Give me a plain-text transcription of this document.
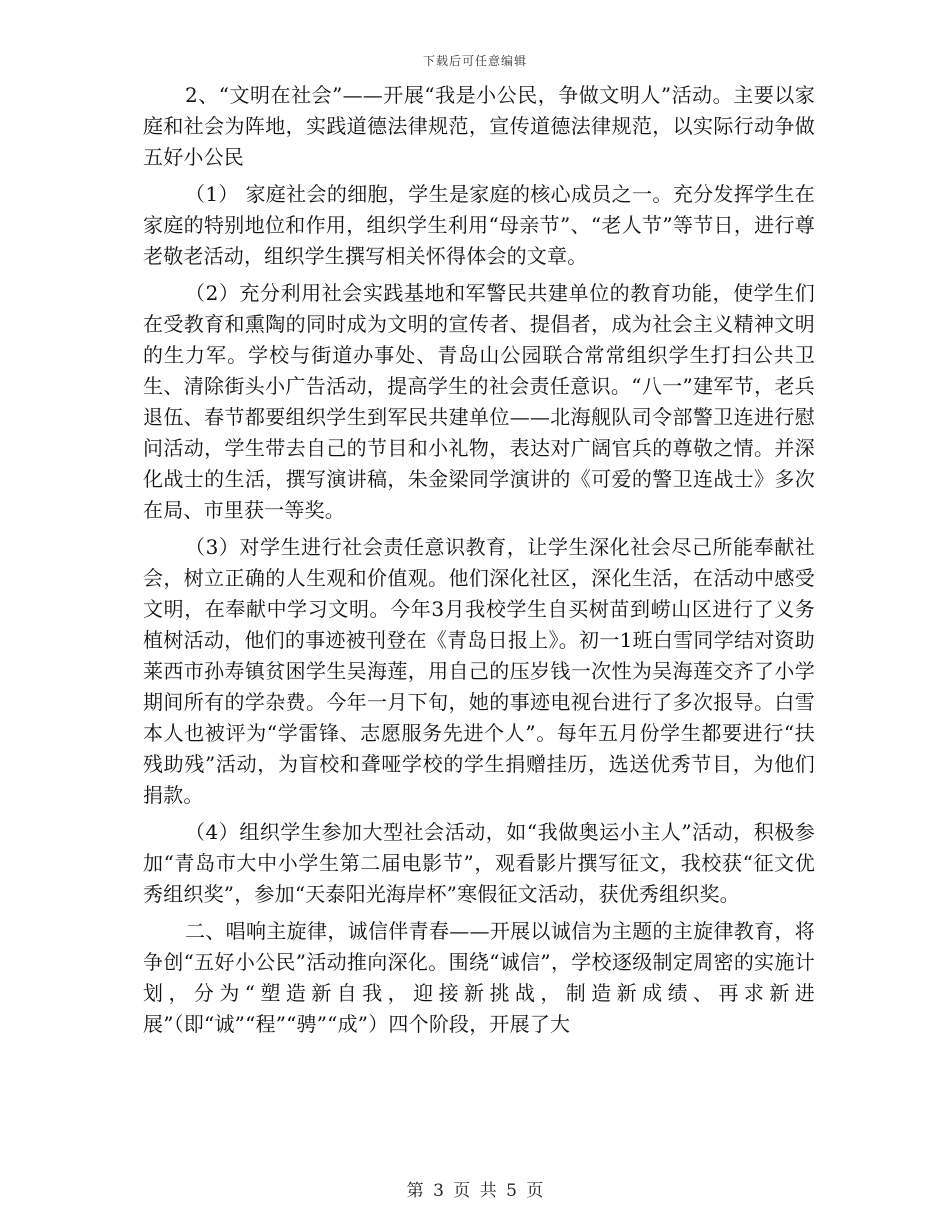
下载后可任意编辑

2、“文明在社会”——开展“我是小公民，争做文明人”活动。主要以家庭和社会为阵地，实践道德法律规范，宣传道德法律规范，以实际行动争做五好小公民

（1） 家庭社会的细胞，学生是家庭的核心成员之一。充分发挥学生在家庭的特别地位和作用，组织学生利用“母亲节”、“老人节”等节日，进行尊老敬老活动，组织学生撰写相关怀得体会的文章。

（2）充分利用社会实践基地和军警民共建单位的教育功能，使学生们在受教育和熏陶的同时成为文明的宣传者、提倡者，成为社会主义精神文明的生力军。学校与街道办事处、青岛山公园联合常常组织学生打扫公共卫生、清除街头小广告活动，提高学生的社会责任意识。“八一”建军节，老兵退伍、春节都要组织学生到军民共建单位——北海舰队司令部警卫连进行慰问活动，学生带去自己的节目和小礼物，表达对广阔官兵的尊敬之情。并深化战士的生活，撰写演讲稿，朱金梁同学演讲的《可爱的警卫连战士》多次在局、市里获一等奖。

（3）对学生进行社会责任意识教育，让学生深化社会尽己所能奉献社会，树立正确的人生观和价值观。他们深化社区，深化生活，在活动中感受文明，在奉献中学习文明。今年3月我校学生自买树苗到崂山区进行了义务植树活动，他们的事迹被刊登在《青岛日报上》。初一1班白雪同学结对资助莱西市孙寿镇贫困学生吴海莲，用自己的压岁钱一次性为吴海莲交齐了小学期间所有的学杂费。今年一月下旬，她的事迹电视台进行了多次报导。白雪本人也被评为“学雷锋、志愿服务先进个人”。每年五月份学生都要进行“扶残助残”活动，为盲校和聋哑学校的学生捐赠挂历，选送优秀节目，为他们捐款。

（4）组织学生参加大型社会活动，如“我做奥运小主人”活动，积极参加“青岛市大中小学生第二届电影节”，观看影片撰写征文，我校获“征文优秀组织奖”，参加“天泰阳光海岸杯”寒假征文活动，获优秀组织奖。

二、唱响主旋律，诚信伴青春——开展以诚信为主题的主旋律教育，将争创“五好小公民”活动推向深化。围绕“诚信”，学校逐级制定周密的实施计划，分为“塑造新自我，迎接新挑战，制造新成绩、再求新进展”（即“诚”“程”“骋”“成”）四个阶段，开展了大

第 3 页 共 5 页
